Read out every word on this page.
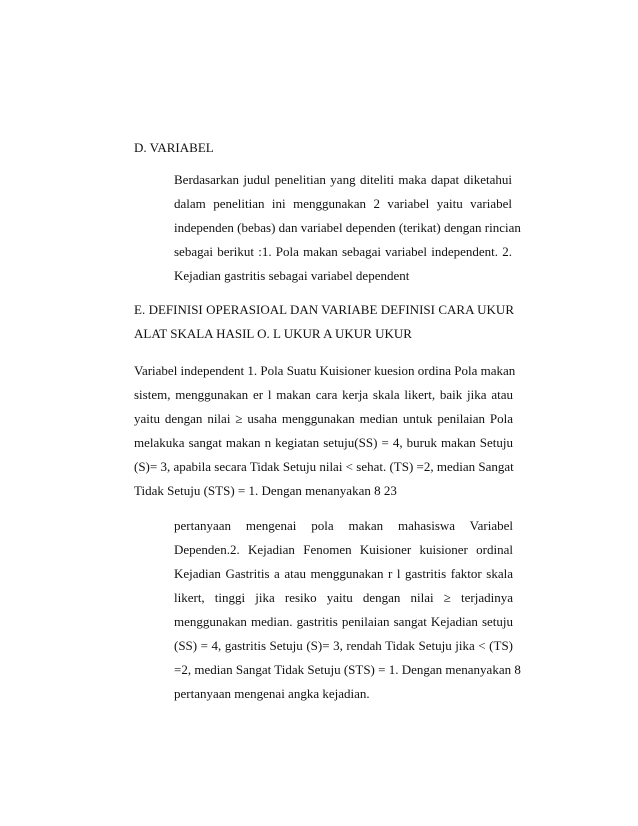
D. VARIABEL
Berdasarkan judul penelitian yang diteliti maka dapat diketahui
dalam penelitian ini menggunakan 2 variabel yaitu variabel
independen (bebas) dan variabel dependen (terikat) dengan rincian
sebagai berikut :1. Pola makan sebagai variabel independent. 2.
Kejadian gastritis sebagai variabel dependent
E. DEFINISI OPERASIOAL DAN VARIABE DEFINISI CARA UKUR
ALAT SKALA HASIL O. L UKUR A UKUR UKUR
Variabel independent 1. Pola Suatu Kuisioner kuesion ordina Pola makan
sistem, menggunakan er l makan cara kerja skala likert, baik jika atau
yaitu dengan nilai ≥ usaha menggunakan median untuk penilaian Pola
melakuka sangat makan n kegiatan setuju(SS) = 4, buruk makan Setuju
(S)= 3, apabila secara Tidak Setuju nilai < sehat. (TS) =2, median Sangat
Tidak Setuju (STS) = 1. Dengan menanyakan 8 23
pertanyaan mengenai pola makan mahasiswa Variabel
Dependen.2. Kejadian Fenomen Kuisioner kuisioner ordinal
Kejadian Gastritis a atau menggunakan r l gastritis faktor skala
likert, tinggi jika resiko yaitu dengan nilai ≥ terjadinya
menggunakan median. gastritis penilaian sangat Kejadian setuju
(SS) = 4, gastritis Setuju (S)= 3, rendah Tidak Setuju jika < (TS)
=2, median Sangat Tidak Setuju (STS) = 1. Dengan menanyakan 8
pertanyaan mengenai angka kejadian.
